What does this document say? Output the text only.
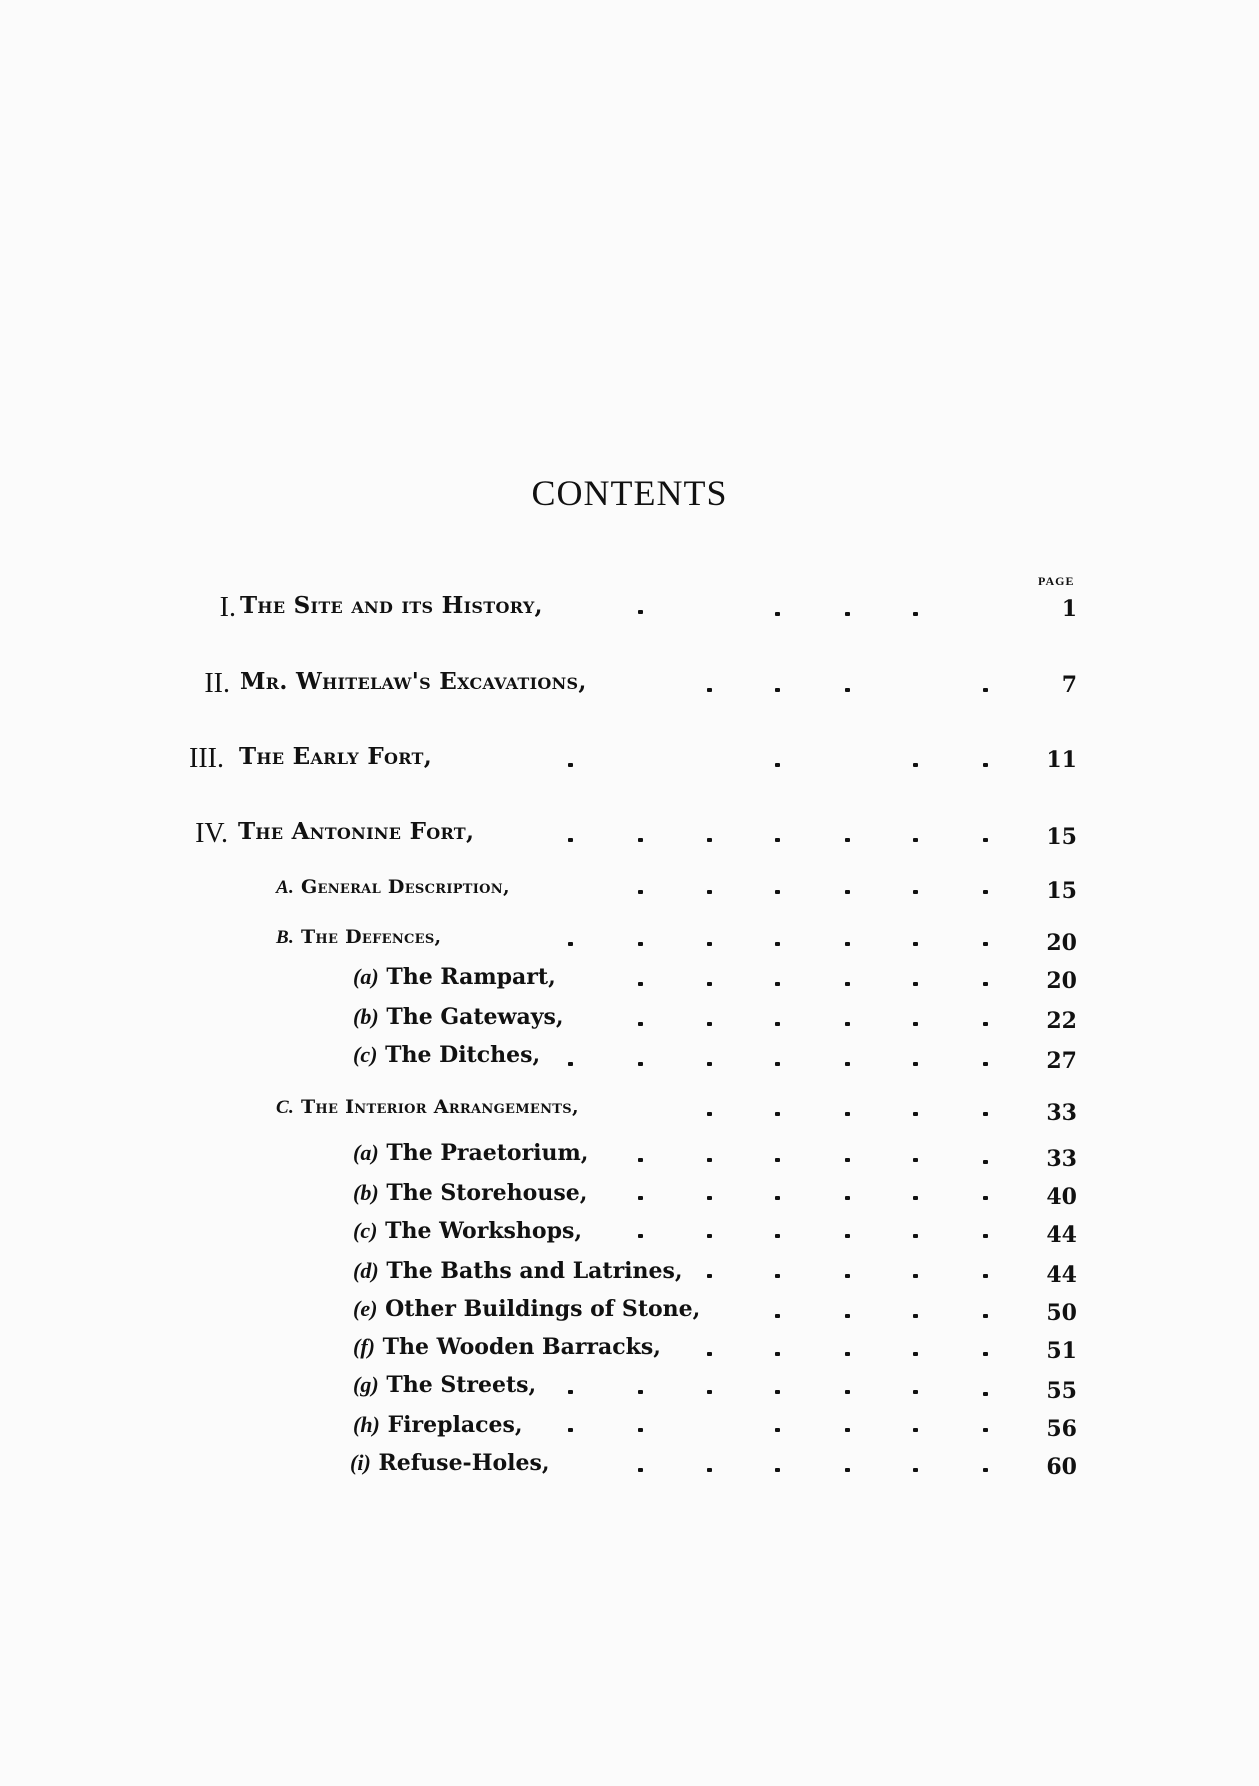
CONTENTS
PAGE
I. The Site and its History,	1
II. Mr. Whitelaw's Excavations,	7
III. The Early Fort,	11
IV. The Antonine Fort,	15
A. General Description,	15
B. The Defences,	20
(a) The Rampart,	20
(b) The Gateways,	22
(c) The Ditches,	27
C. The Interior Arrangements,	33
(a) The Praetorium,	33
(b) The Storehouse,	40
(c) The Workshops,	44
(d) The Baths and Latrines,	44
(e) Other Buildings of Stone,	50
(f) The Wooden Barracks,	51
(g) The Streets,	55
(h) Fireplaces,	56
(i) Refuse-Holes,	60
